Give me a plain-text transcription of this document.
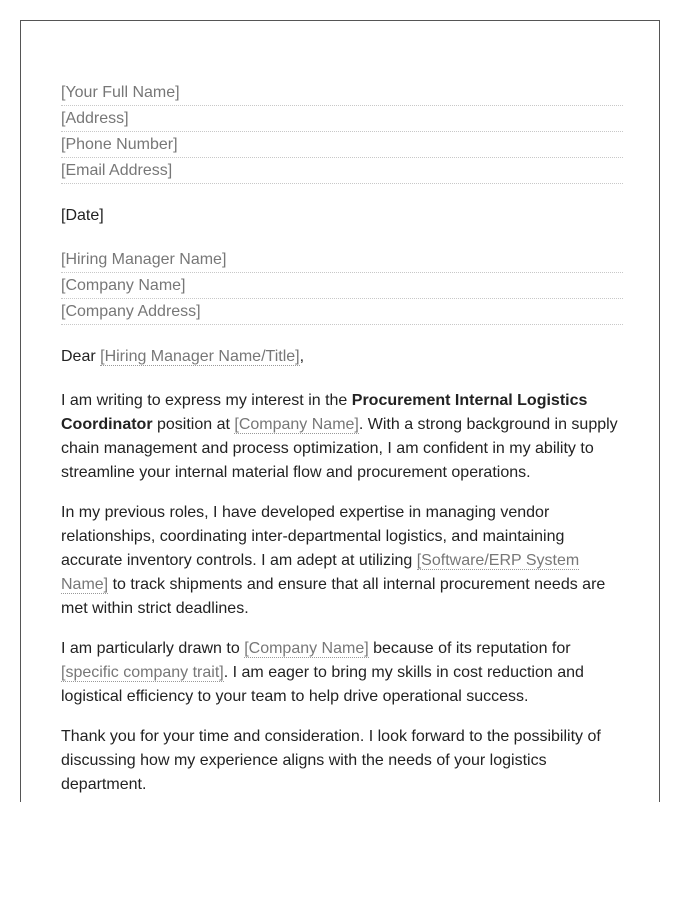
[Your Full Name]
[Address]
[Phone Number]
[Email Address]
[Date]
[Hiring Manager Name]
[Company Name]
[Company Address]
Dear [Hiring Manager Name/Title],

I am writing to express my interest in the Procurement Internal Logistics Coordinator position at [Company Name]. With a strong background in supply chain management and process optimization, I am confident in my ability to streamline your internal material flow and procurement operations.

In my previous roles, I have developed expertise in managing vendor relationships, coordinating inter-departmental logistics, and maintaining accurate inventory controls. I am adept at utilizing [Software/ERP System Name] to track shipments and ensure that all internal procurement needs are met within strict deadlines.

I am particularly drawn to [Company Name] because of its reputation for [specific company trait]. I am eager to bring my skills in cost reduction and logistical efficiency to your team to help drive operational success.

Thank you for your time and consideration. I look forward to the possibility of discussing how my experience aligns with the needs of your logistics department.
